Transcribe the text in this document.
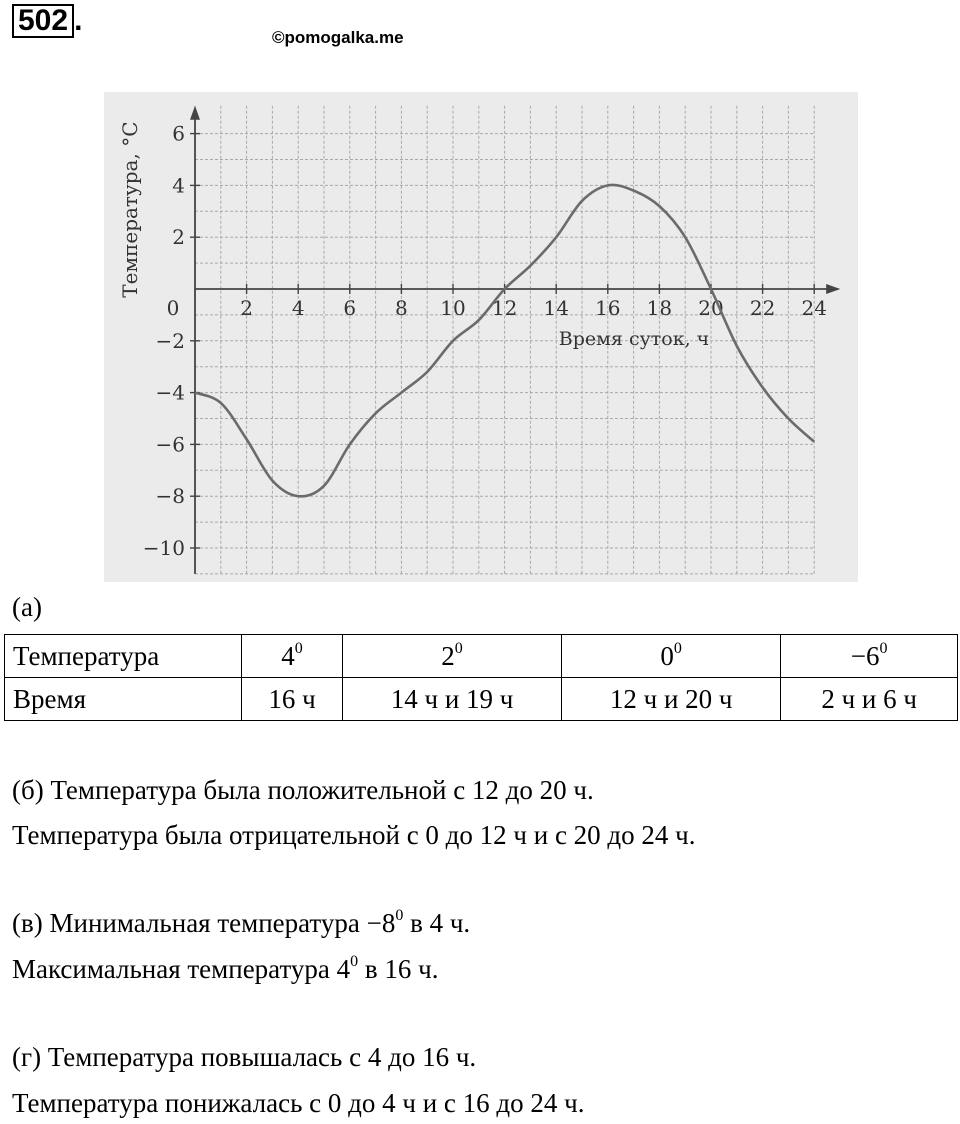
502 .
©pomogalka.me
0	2 4 6 8 10 12 14 16 18 20 22 24
6
4
2
−2
−4
−6
−8
−10
Температура, °C
Время суток, ч
(а)
Температура	$4^0$	$2^0$	$0^0$	$-6^0$
Время	16 ч	14 ч и 19 ч	12 ч и 20 ч	2 ч и 6 ч
(б) Температура была положительной с 12 до 20 ч.
Температура была отрицательной с 0 до 12 ч и с 20 до 24 ч.
(в) Минимальная температура $-8^0$ в 4 ч.
Максимальная температура $4^0$ в 16 ч.
(г) Температура повышалась с 4 до 16 ч.
Температура понижалась с 0 до 4 ч и с 16 до 24 ч.
